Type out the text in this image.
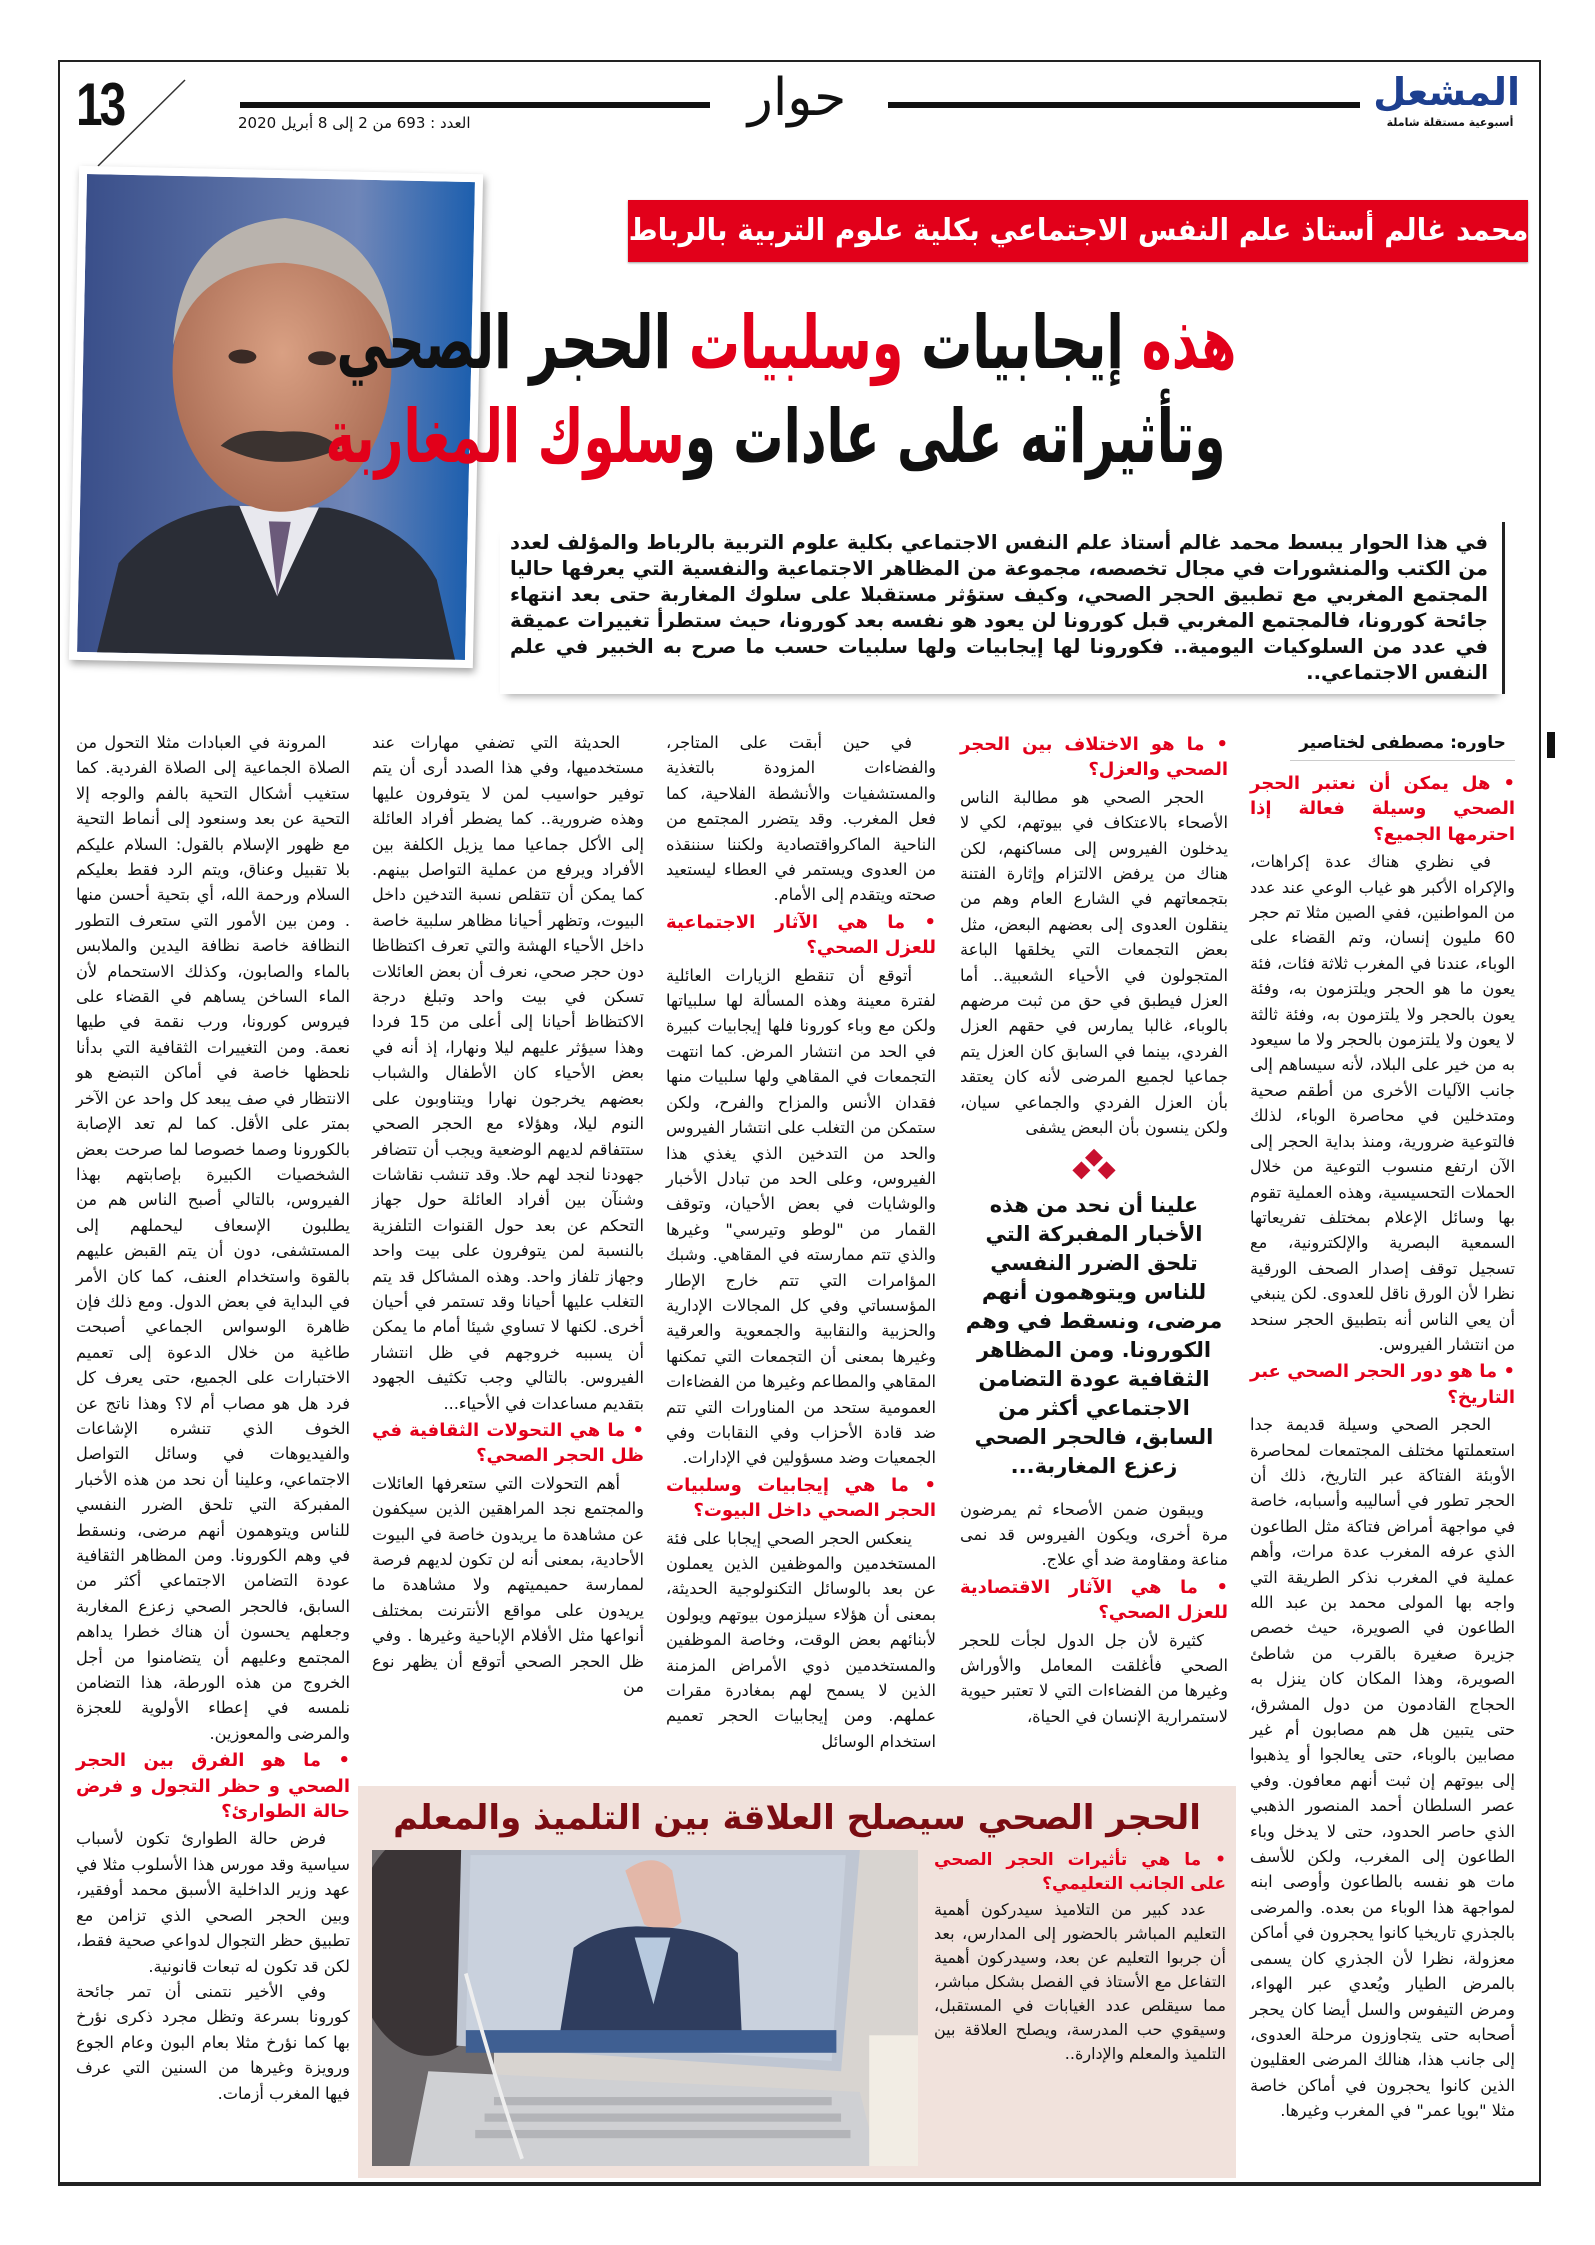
13	العدد : 693 من 2 إلى 8 أبريل 2020	حوار	المشعل
أسبوعية مستقلة شاملة
محمد غالم أستاذ علم النفس الاجتماعي بكلية علوم التربية بالرباط
هذه إيجابيات وسلبيات الحجر الصحي
وتأثيراته على عادات وسلوك المغاربة
في هذا الحوار يبسط محمد غالم أستاذ علم النفس الاجتماعي بكلية علوم التربية بالرباط والمؤلف لعدد من الكتب والمنشورات في مجال تخصصه، مجموعة من المظاهر الاجتماعية والنفسية التي يعرفها حاليا المجتمع المغربي مع تطبيق الحجر الصحي، وكيف ستؤثر مستقبلا على سلوك المغاربة حتى بعد انتهاء جائحة كورونا، فالمجتمع المغربي قبل كورونا لن يعود هو نفسه بعد كورونا، حيث ستطرأ تغييرات عميقة في عدد من السلوكيات اليومية.. فكورونا لها إيجابيات ولها سلبيات حسب ما صرح به الخبير في علم النفس الاجتماعي..
حاوره: مصطفى لختاصير
• هل يمكن أن نعتبر الحجر الصحي وسيلة فعالة إذا احترمها الجميع؟
في نظري هناك عدة إكراهات، والإكراه الأكبر هو غياب الوعي عند عدد من المواطنين، ففي الصين مثلا تم حجر 60 مليون إنسان، وتم القضاء على الوباء، عندنا في المغرب ثلاثة فئات، فئة يعون ما هو الحجر ويلتزمون به، وفئة يعون بالحجر ولا يلتزمون به، وفئة ثالثة لا يعون ولا يلتزمون بالحجر ولا ما سيعود به من خير على البلاد، لأنه سيساهم إلى جانب الآليات الأخرى من أطقم صحية ومتدخلين في محاصرة الوباء، لذلك فالتوعية ضرورية، ومنذ بداية الحجر إلى الآن ارتفع منسوب التوعية من خلال الحملات التحسيسية، وهذه العملية تقوم بها وسائل الإعلام بمختلف تفريعاتها السمعية البصرية والإلكترونية، مع تسجيل توقف إصدار الصحف الورقية نظرا لأن الورق ناقل للعدوى. لكن ينبغي أن يعي الناس أنه بتطبيق الحجر سنحد من انتشار الفيروس.
• ما هو دور الحجر الصحي عبر التاريخ؟
الحجر الصحي وسيلة قديمة جدا استعملتها مختلف المجتمعات لمحاصرة الأوبئة الفتاكة عبر التاريخ، ذلك أن الحجر تطور في أساليبه وأسبابه، خاصة في مواجهة أمراض فتاكة مثل الطاعون الذي عرفه المغرب عدة مرات، وأهم عملية في المغرب نذكر الطريقة التي واجه بها المولى محمد بن عبد الله الطاعون في الصويرة، حيث خصص جزيرة صغيرة بالقرب من شاطئ الصويرة، وهذا المكان كان ينزل به الحجاج القادمون من دول المشرق، حتى يتبين هل هم مصابون أم غير مصابين بالوباء، حتى يعالجوا أو يذهبوا إلى بيوتهم إن ثبت أنهم معافون. وفي عصر السلطان أحمد المنصور الذهبي الذي حاصر الحدود، حتى لا يدخل وباء الطاعون إلى المغرب، ولكن للأسف مات هو نفسه بالطاعون وأوصى ابنه لمواجهة هذا الوباء من بعده. والمرضى بالجذري تاريخيا كانوا يحجرون في أماكن معزولة، نظرا لأن الجذري كان يسمى بالمرض الطيار ويُعدي عبر الهواء، ومرض التيفوس والسل أيضا كان يحجر أصحابه حتى يتجاوزون مرحلة العدوى، إلى جانب هذا، هنالك المرضى العقليون الذين كانوا يحجرون في أماكن خاصة مثلا "بويا عمر" في المغرب وغيرها.
• ما هو الاختلاف بين الحجر الصحي والعزل؟
الحجر الصحي هو مطالبة الناس الأصحاء بالاعتكاف في بيوتهم، لكي لا يدخلون الفيروس إلى مساكنهم، لكن هناك من يرفض الالتزام وإثارة الفتنة بتجمعاتهم في الشارع العام وهم من ينقلون العدوى إلى بعضهم البعض، مثل بعض التجمعات التي يخلقها الباعة المتجولون في الأحياء الشعبية.. أما العزل فيطبق في حق من ثبت مرضهم بالوباء، غالبا يمارس في حقهم العزل الفردي، بينما في السابق كان العزل يتم جماعيا لجميع المرضى لأنه كان يعتقد بأن العزل الفردي والجماعي سيان، ولكن ينسون بأن البعض يشفى
علينا أن نحد من هذه الأخبار المفبركة التي تلحق الضرر النفسي للناس ويتوهمون أنهم مرضى، ونسقط في وهم الكورونا. ومن المظاهر الثقافية عودة التضامن الاجتماعي أكثر من السابق، فالحجر الصحي زعزع المغاربة...
ويبقون ضمن الأصحاء ثم يمرضون مرة أخرى، ويكون الفيروس قد نمى مناعة ومقاومة ضد أي علاج.
• ما هي الآثار الاقتصادية للعزل الصحي؟
كثيرة لأن جل الدول لجأت للحجر الصحي فأغلقت المعامل والأوراش وغيرها من الفضاءات التي لا تعتبر حيوية لاستمرارية الإنسان في الحياة،
في حين أبقت على المتاجر، والفضاءات المزودة بالتغذية والمستشفيات والأنشطة الفلاحية، كما فعل المغرب. وقد يتضرر المجتمع من الناحية الماكرواقتصادية ولكننا سننقذه من العدوى ويستمر في العطاء ليستعيد صحته ويتقدم إلى الأمام.
• ما هي الآثار الاجتماعية للعزل الصحي؟
أتوقع أن تنقطع الزيارات العائلية لفترة معينة وهذه المسألة لها سلبياتها ولكن مع وباء كورونا فلها إيجابيات كبيرة في الحد من انتشار المرض. كما انتهت التجمعات في المقاهي ولها سلبيات منها فقدان الأنس والمزاح والفرح، ولكن ستمكن من التغلب على انتشار الفيروس والحد من التدخين الذي يغذي هذا الفيروس، وعلى الحد من تبادل الأخبار والوشايات في بعض الأحيان، وتوقف القمار من "لوطو وتيرسي" وغيرها والذي تتم ممارسته في المقاهي. وشبك المؤامرات التي تتم خارج الإطار المؤسساتي وفي كل المجالات الإدارية والحزبية والنقابية والجمعوية والعرقية وغيرها بمعنى أن التجمعات التي تمكنها المقاهي والمطاعم وغيرها من الفضاءات العمومية ستحد من المناورات التي تتم ضد قادة الأحزاب وفي النقابات وفي الجمعيات وضد مسؤولين في الإدارات.
• ما هي إيجابيات وسلبيات الحجر الصحي داخل البيوت؟
ينعكس الحجر الصحي إيجابا على فئة المستخدمين والموظفين الذين يعملون عن بعد بالوسائل التكنولوجية الحديثة، بمعنى أن هؤلاء سيلزمون بيوتهم ويولون لأبنائهم بعض الوقت، وخاصة الموظفين والمستخدمين ذوي الأمراض المزمنة الذين لا يسمح لهم بمغادرة مقرات عملهم. ومن إيجابيات الحجر تعميم استخدام الوسائل
الحديثة التي تضفي مهارات عند مستخدميها، وفي هذا الصدد أرى أن يتم توفير حواسيب لمن لا يتوفرون عليها وهذه ضرورية.. كما يضطر أفراد العائلة إلى الأكل جماعيا مما يزيل الكلفة بين الأفراد ويرفع من عملية التواصل بينهم. كما يمكن أن تتقلص نسبة التدخين داخل البيوت، وتظهر أحيانا مظاهر سلبية خاصة داخل الأحياء الهشة والتي تعرف اكتظاظا دون حجر صحي، نعرف أن بعض العائلات تسكن في بيت واحد وتبلغ درجة الاكتظاظ أحيانا إلى أعلى من 15 فردا وهذا سيؤثر عليهم ليلا ونهارا، إذ أنه في بعض الأحياء كان الأطفال والشباب بعضهم يخرجون نهارا ويتناوبون على النوم ليلا، وهؤلاء مع الحجر الصحي ستتفاقم لديهم الوضعية ويجب أن تتضافر جهودنا لنجد لهم حلا. وقد تنشب نقاشات وشنآن بين أفراد العائلة حول جهاز التحكم عن بعد حول القنوات التلفزية بالنسبة لمن يتوفرون على بيت واحد وجهاز تلفاز واحد. وهذه المشاكل قد يتم التغلب عليها أحيانا وقد تستمر في أحيان أخرى. لكنها لا تساوي شيئا أمام ما يمكن أن يسببه خروجهم في ظل انتشار الفيروس. بالتالي وجب تكثيف الجهود بتقديم مساعدات في الأحياء...
• ما هي التحولات الثقافية في ظل الحجر الصحي؟
أهم التحولات التي ستعرفها العائلات والمجتمع نجد المراهقين الذين سيكفون عن مشاهدة ما يريدون خاصة في البيوت الأحادية، بمعنى أنه لن تكون لديهم فرصة لممارسة حميميتهم ولا مشاهدة ما يريدون على مواقع الأنترنت بمختلف أنواعها مثل الأفلام الإباحية وغيرها . وفي ظل الحجر الصحي أتوقع أن يظهر نوع من
المرونة في العبادات مثلا التحول من الصلاة الجماعية إلى الصلاة الفردية. كما ستغيب أشكال التحية بالفم والوجه إلا التحية عن بعد وسنعود إلى أنماط التحية مع ظهور الإسلام بالقول: السلام عليكم بلا تقبيل وعناق، ويتم الرد فقط بعليكم السلام ورحمة الله، أي بتحية أحسن منها . ومن بين الأمور التي ستعرف التطور النظافة خاصة نظافة اليدين والملابس بالماء والصابون، وكذلك الاستحمام لأن الماء الساخن يساهم في القضاء على فيروس كورونا، ورب نقمة في طيها نعمة. ومن التغييرات الثقافية التي بدأنا نلحظها خاصة في أماكن التبضع هو الانتظار في صف يبعد كل واحد عن الآخر بمتر على الأقل. كما لم تعد الإصابة بالكورونا وصما خصوصا لما صرحت بعض الشخصيات الكبيرة بإصابتهم بهذا الفيروس، بالتالي أصبح الناس هم من يطلبون الإسعاف ليحملهم إلى المستشفى، دون أن يتم القبض عليهم بالقوة واستخدام العنف، كما كان الأمر في البداية في بعض الدول. ومع ذلك فإن ظاهرة الوسواس الجماعي أصبحت طاغية من خلال الدعوة إلى تعميم الاختبارات على الجميع، حتى يعرف كل فرد هل هو مصاب أم لا؟ وهذا ناتج عن الخوف الذي تنشره الإشاعات والفيديوهات في وسائل التواصل الاجتماعي، وعلينا أن نحد من هذه الأخبار المفبركة التي تلحق الضرر النفسي للناس ويتوهمون أنهم مرضى، ونسقط في وهم الكورونا. ومن المظاهر الثقافية عودة التضامن الاجتماعي أكثر من السابق، فالحجر الصحي زعزع المغاربة وجعلهم يحسون أن هناك خطرا يداهم المجتمع وعليهم أن يتضامنوا من أجل الخروج من هذه الورطة، هذا التضامن نلمسه في إعطاء الأولوية للعجزة والمرضى والمعوزين.
• ما هو الفرق بين الحجر الصحي و حظر التجول و فرض حالة الطوارئ؟
فرض حالة الطوارئ تكون لأسباب سياسية وقد مورس هذا الأسلوب مثلا في عهد وزير الداخلية الأسبق محمد أوفقير، وبين الحجر الصحي الذي تزامن مع تطبيق حظر التجوال لدواعي صحية فقط، لكن قد تكون له تبعات قانونية.
وفي الأخير نتمنى أن تمر جائحة كورونا بسرعة وتظل مجرد ذكرى نؤرخ بها كما نؤرخ مثلا بعام البون وعام الجوع ورويزة وغيرها من السنين التي عرف فيها المغرب أزمات.
الحجر الصحي سيصلح العلاقة بين التلميذ والمعلم
• ما هي تأثيرات الحجر الصحي على الجانب التعليمي؟
عدد كبير من التلاميذ سيدركون أهمية التعليم المباشر بالحضور إلى المدارس، بعد أن جربوا التعليم عن بعد، وسيدركون أهمية التفاعل مع الأستاذ في الفصل بشكل مباشر، مما سيقلص عدد الغيابات في المستقبل، وسيقوي حب المدرسة، ويصلح العلاقة بين التلميذ والمعلم والإدارة..
